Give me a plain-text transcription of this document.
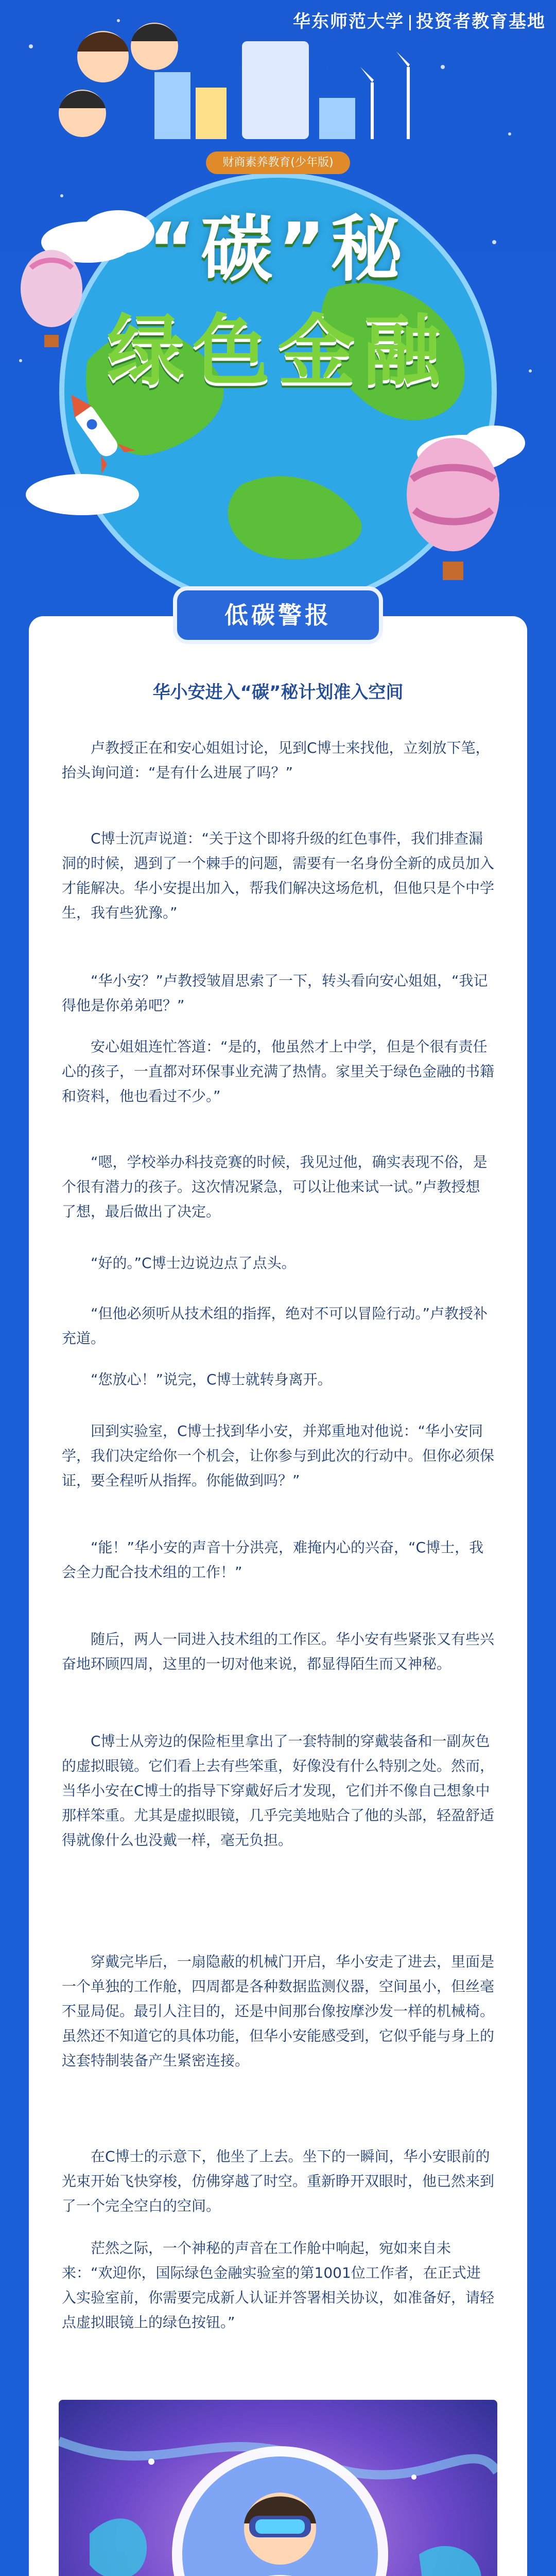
华东师范大学 投资者教育基地
财商素养教育(少年版)
“碳”秘
绿色金融
低碳警报
华小安进入“碳”秘计划准入空间

卢教授正在和安心姐姐讨论，见到C博士来找他，立刻放下笔，抬头询问道：“是有什么进展了吗？”

C博士沉声说道：“关于这个即将升级的红色事件，我们排查漏洞的时候，遇到了一个棘手的问题，需要有一名身份全新的成员加入才能解决。华小安提出加入，帮我们解决这场危机，但他只是个中学生，我有些犹豫。”

“华小安？”卢教授皱眉思索了一下，转头看向安心姐姐，“我记得他是你弟弟吧？”

安心姐姐连忙答道：“是的，他虽然才上中学，但是个很有责任心的孩子，一直都对环保事业充满了热情。家里关于绿色金融的书籍和资料，他也看过不少。”

“嗯，学校举办科技竞赛的时候，我见过他，确实表现不俗，是个很有潜力的孩子。这次情况紧急，可以让他来试一试。”卢教授想了想，最后做出了决定。

“好的。”C博士边说边点了点头。

“但他必须听从技术组的指挥，绝对不可以冒险行动。”卢教授补充道。

“您放心！”说完，C博士就转身离开。

回到实验室，C博士找到华小安，并郑重地对他说：“华小安同学，我们决定给你一个机会，让你参与到此次的行动中。但你必须保证，要全程听从指挥。你能做到吗？”

“能！”华小安的声音十分洪亮，难掩内心的兴奋，“C博士，我会全力配合技术组的工作！”

随后，两人一同进入技术组的工作区。华小安有些紧张又有些兴奋地环顾四周，这里的一切对他来说，都显得陌生而又神秘。

C博士从旁边的保险柜里拿出了一套特制的穿戴装备和一副灰色的虚拟眼镜。它们看上去有些笨重，好像没有什么特别之处。然而，当华小安在C博士的指导下穿戴好后才发现，它们并不像自己想象中那样笨重。尤其是虚拟眼镜，几乎完美地贴合了他的头部，轻盈舒适得就像什么也没戴一样，毫无负担。

穿戴完毕后，一扇隐蔽的机械门开启，华小安走了进去，里面是一个单独的工作舱，四周都是各种数据监测仪器，空间虽小，但丝毫不显局促。最引人注目的，还是中间那台像按摩沙发一样的机械椅。虽然还不知道它的具体功能，但华小安能感受到，它似乎能与身上的这套特制装备产生紧密连接。

在C博士的示意下，他坐了上去。坐下的一瞬间，华小安眼前的光束开始飞快穿梭，仿佛穿越了时空。重新睁开双眼时，他已然来到了一个完全空白的空间。

茫然之际，一个神秘的声音在工作舱中响起，宛如来自未来：“欢迎你，国际绿色金融实验室的第1001位工作者，在正式进入实验室前，你需要完成新人认证并答署相关协议，如准备好，请轻点虚拟眼镜上的绿色按钮。”
